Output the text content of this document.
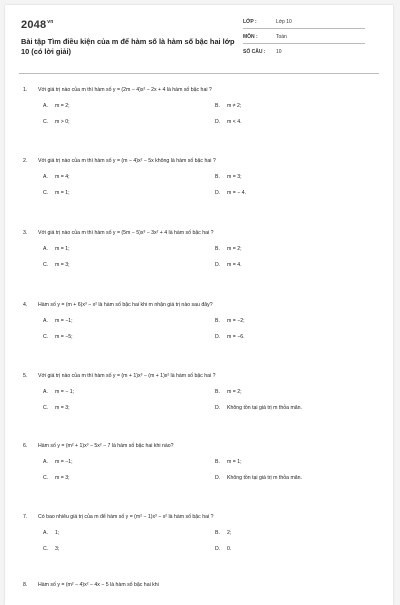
$2048^{vn}$
Bài tập Tìm điều kiện của m để hàm số là hàm số bậc hai lớp 10 (có lời giải)
LỚP :	Lớp 10
MÔN :	Toán
SỐ CÂU : 10
1. Với giá trị nào của m thì hàm số y = (2m − 4)x² − 2x + 4 là hàm số bậc hai ?
A. m = 2;	B. m ≠ 2;
C. m > 0;	D. m < 4.
2. Với giá trị nào của m thì hàm số y = (m − 4)x² − 5x không là hàm số bậc hai ?
A. m = 4;	B. m = 3;
C. m = 1;	D. m = − 4.
3. Với giá trị nào của m thì hàm số y = (5m − 5)x³ − 3x² + 4 là hàm số bậc hai ?
A. m = 1;	B. m = 2;
C. m = 3;	D. m = 4.
4. Hàm số y = (m + 6)x³ − x² là hàm số bậc hai khi m nhận giá trị nào sau đây?
A. m = −1;	B. m = −2;
C. m = −5;	D. m = −6.
5. Với giá trị nào của m thì hàm số y = (m + 1)x³ − (m + 1)x² là hàm số bậc hai ?
A. m = − 1;	B. m = 2;
C. m = 3;	D. Không tồn tại giá trị m thỏa mãn.
6. Hàm số y = (m² + 1)x³ − 5x² − 7 là hàm số bậc hai khi nào?
A. m = −1;	B. m = 1;
C. m = 3;	D. Không tồn tại giá trị m thỏa mãn.
7. Có bao nhiêu giá trị của m để hàm số y = (m² − 1)x³ − x² là hàm số bậc hai ?
A. 1;	B. 2;
C. 3;	D. 0.
8. Hàm số y = (m² − 4)x² − 4x − 5 là hàm số bậc hai khi
